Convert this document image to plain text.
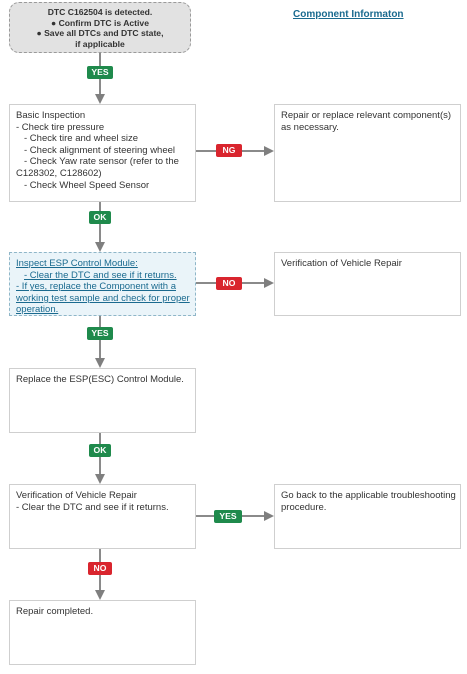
DTC C162504 is detected.
● Confirm DTC is Active
● Save all DTCs and DTC state,
if applicable
Component Informaton
Basic Inspection
- Check tire pressure
- Check tire and wheel size
- Check alignment of steering wheel
- Check Yaw rate sensor (refer to the
C128302, C128602)
- Check Wheel Speed Sensor
Repair or replace relevant component(s)
as necessary.
Inspect ESP Control Module:
- Clear the DTC and see if it returns.
- If yes, replace the Component with a
working test sample and check for proper
operation.
Verification of Vehicle Repair
Replace the ESP(ESC) Control Module.
Verification of Vehicle Repair
- Clear the DTC and see if it returns.
Go back to the applicable troubleshooting
procedure.
Repair completed.
YES
NG
OK
NO
YES
OK
YES
NO
